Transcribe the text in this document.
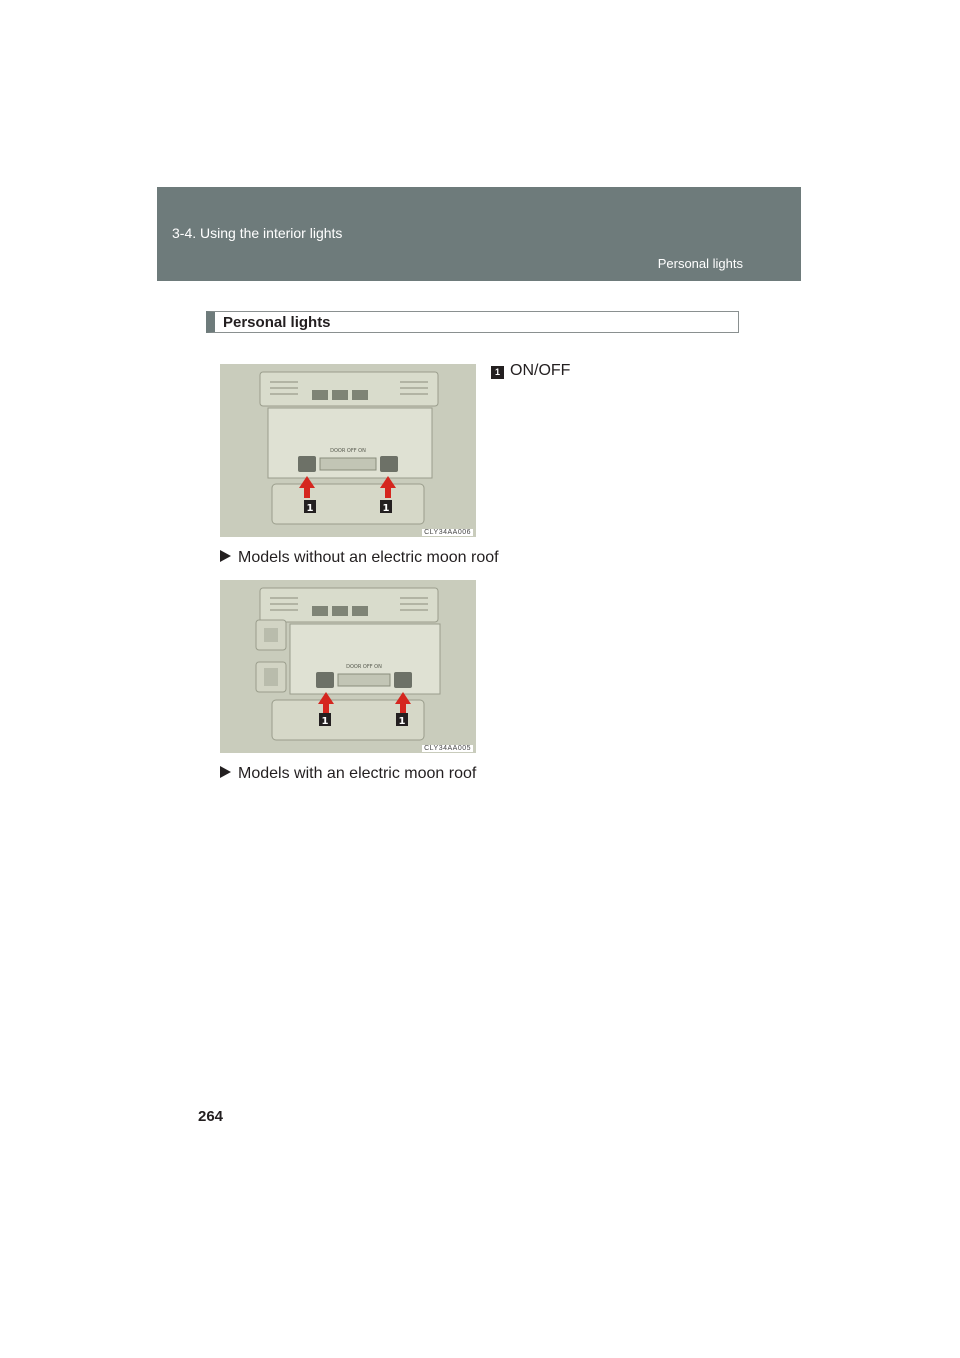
3-4. Using the interior lights
Personal lights
Personal lights
DOOR OFF ON
1	1
CLY34AA006
1 ON/OFF
Models without an electric moon roof
DOOR OFF ON
1	1
CLY34AA005
Models with an electric moon roof
264
